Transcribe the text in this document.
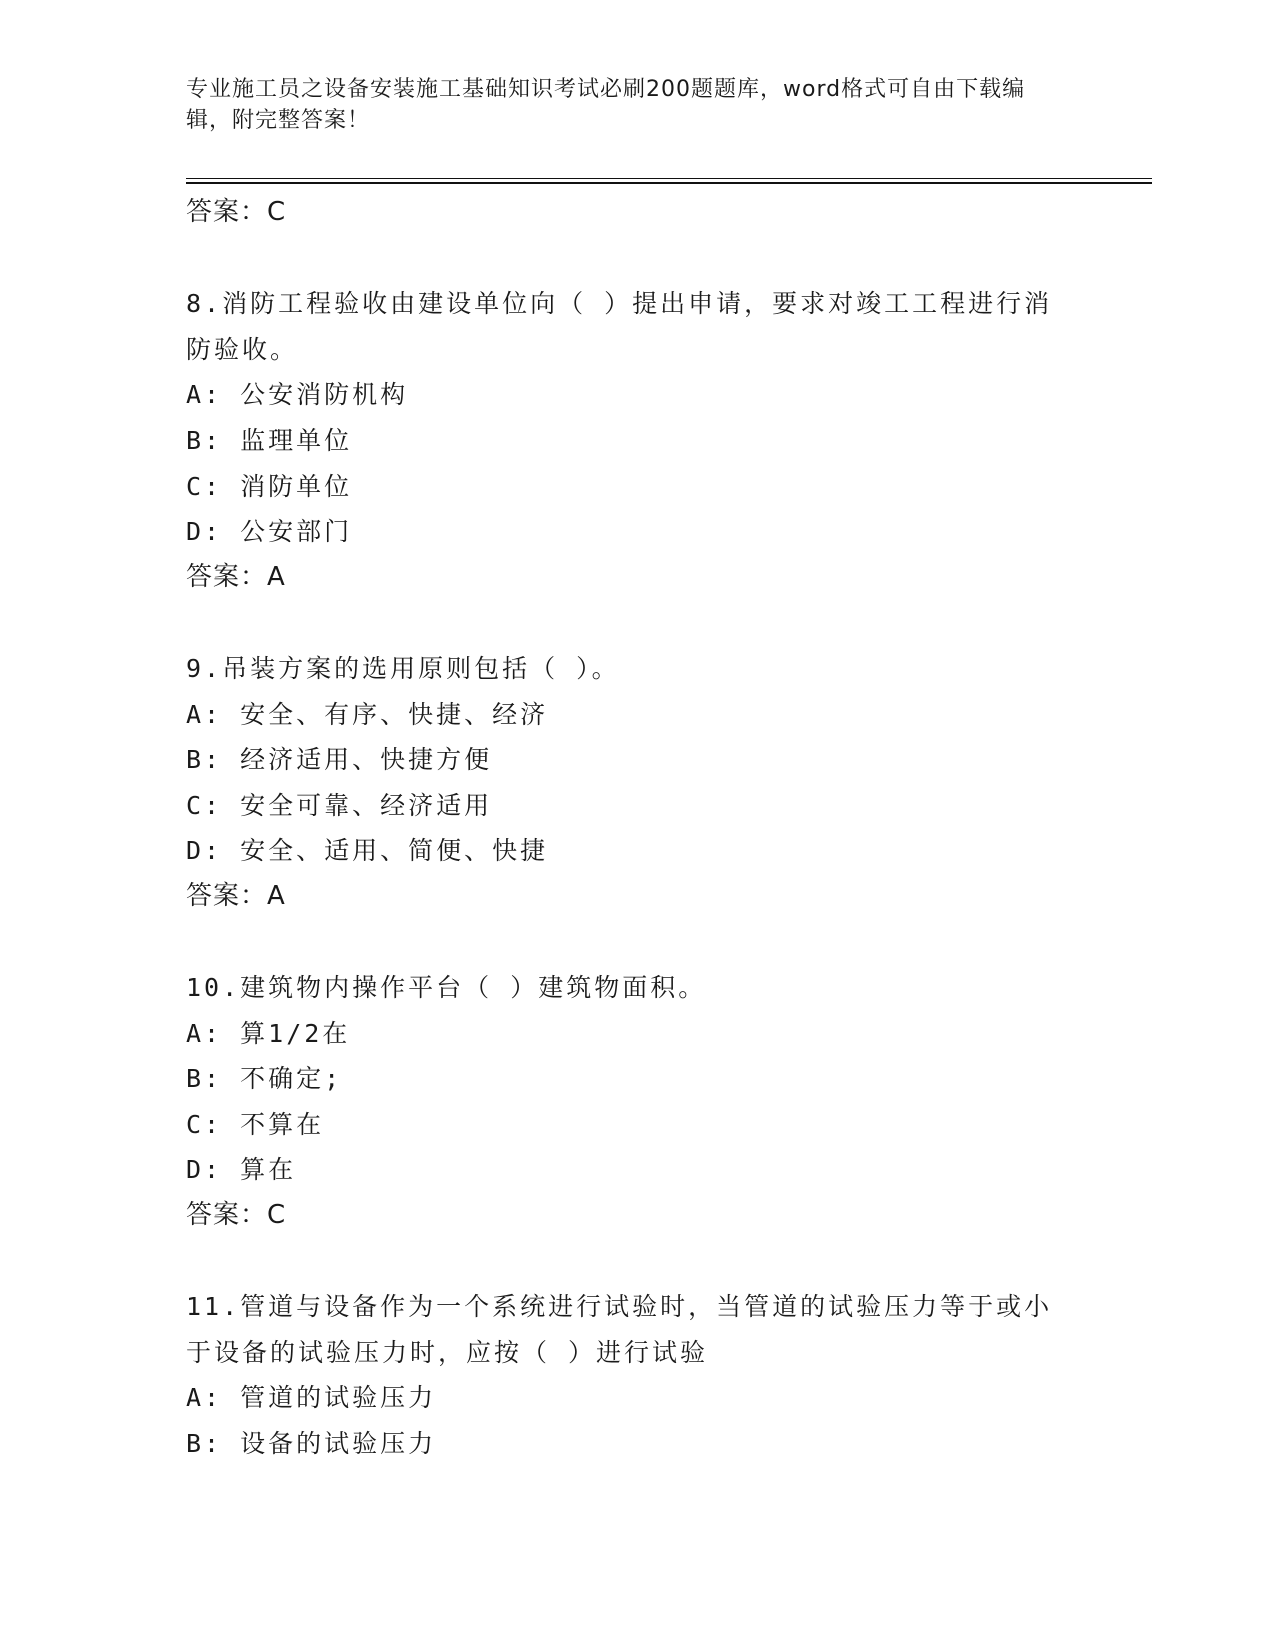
专业施工员之设备安装施工基础知识考试必刷200题题库，word格式可自由下载编辑，附完整答案！
答案：C
8.消防工程验收由建设单位向（ ）提出申请，要求对竣工工程进行消
防验收。
A: 公安消防机构
B: 监理单位
C: 消防单位
D: 公安部门
答案：A
9.吊装方案的选用原则包括（ ）。
A: 安全、有序、快捷、经济
B: 经济适用、快捷方便
C: 安全可靠、经济适用
D: 安全、适用、简便、快捷
答案：A
10.建筑物内操作平台（ ）建筑物面积。
A: 算1/2在
B: 不确定;
C: 不算在
D: 算在
答案：C
11.管道与设备作为一个系统进行试验时，当管道的试验压力等于或小
于设备的试验压力时，应按（ ）进行试验
A: 管道的试验压力
B: 设备的试验压力
